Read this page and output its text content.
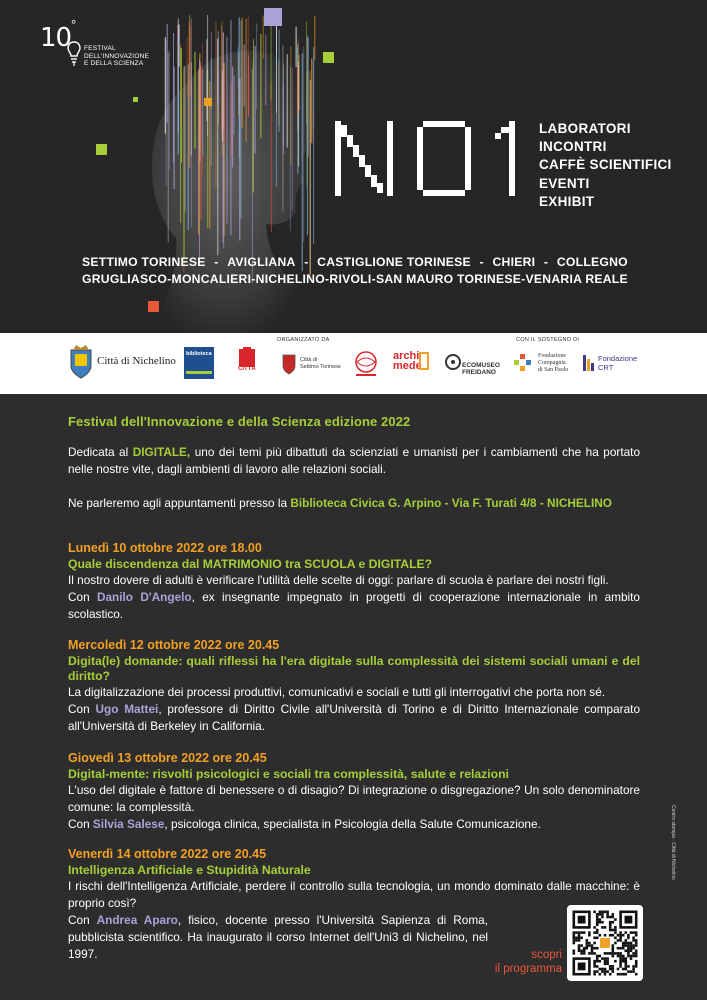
10 °
FESTIVAL
DELL'INNOVAZIONE
E DELLA SCIENZA
LABORATORI
INCONTRI
CAFFÈ SCIENTIFICI
EVENTI
EXHIBIT
SETTIMO TORINESE - AVIGLIANA - CASTIGLIONE TORINESE - CHIERI - COLLEGNO
GRUGLIASCO - MONCALIERI - NICHELINO - RIVOLI - SAN MAURO TORINESE - VENARIA REALE
ORGANIZZATO DA	CON IL SOSTEGNO DI
Città di Nichelino
biblioteca
CITTÀ
Città di
Settimo Torinese
archi
mede	ECOMUSEO
FREIDANO
Fondazione
Compagnia
di San Paolo
Fondazione
CRT
Festival dell'Innovazione e della Scienza edizione 2022

Dedicata al DIGITALE, uno dei temi più dibattuti da scienziati e umanisti per i cambiamenti che ha portato nelle nostre vite, dagli ambienti di lavoro alle relazioni sociali.

Ne parleremo agli appuntamenti presso la Biblioteca Civica G. Arpino - Via F. Turati 4/8 - NICHELINO

Lunedì 10 ottobre 2022 ore 18.00
Quale discendenza dal MATRIMONIO tra SCUOLA e DIGITALE?
Il nostro dovere di adulti è verificare l'utilità delle scelte di oggi: parlare di scuola è parlare dei nostri figli.
Con Danilo D'Angelo, ex insegnante impegnato in progetti di cooperazione internazionale in ambito scolastico.
Mercoledì 12 ottobre 2022 ore 20.45
Digita(le) domande: quali riflessi ha l'era digitale sulla complessità dei sistemi sociali umani e del diritto?
La digitalizzazione dei processi produttivi, comunicativi e sociali e tutti gli interrogativi che porta non sé.
Con Ugo Mattei, professore di Diritto Civile all'Università di Torino e di Diritto Internazionale comparato all'Università di Berkeley in California.
Giovedì 13 ottobre 2022 ore 20.45
Digital-mente: risvolti psicologici e sociali tra complessità, salute e relazioni
L'uso del digitale è fattore di benessere o di disagio? Di integrazione o disgregazione? Un solo denominatore comune: la complessità.
Con Silvia Salese, psicologa clinica, specialista in Psicologia della Salute Comunicazione.
Venerdì 14 ottobre 2022 ore 20.45
Intelligenza Artificiale e Stupidità Naturale
I rischi dell'Intelligenza Artificiale, perdere il controllo sulla tecnologia, un mondo dominato dalle macchine: è proprio così?
Con Andrea Aparo, fisico, docente presso l'Università Sapienza di Roma, pubblicista scientifico. Ha inaugurato il corso Internet dell'Uni3 di Nichelino, nel 1997.
Centro stampa · Città di Nichelino
scopri
il programma
